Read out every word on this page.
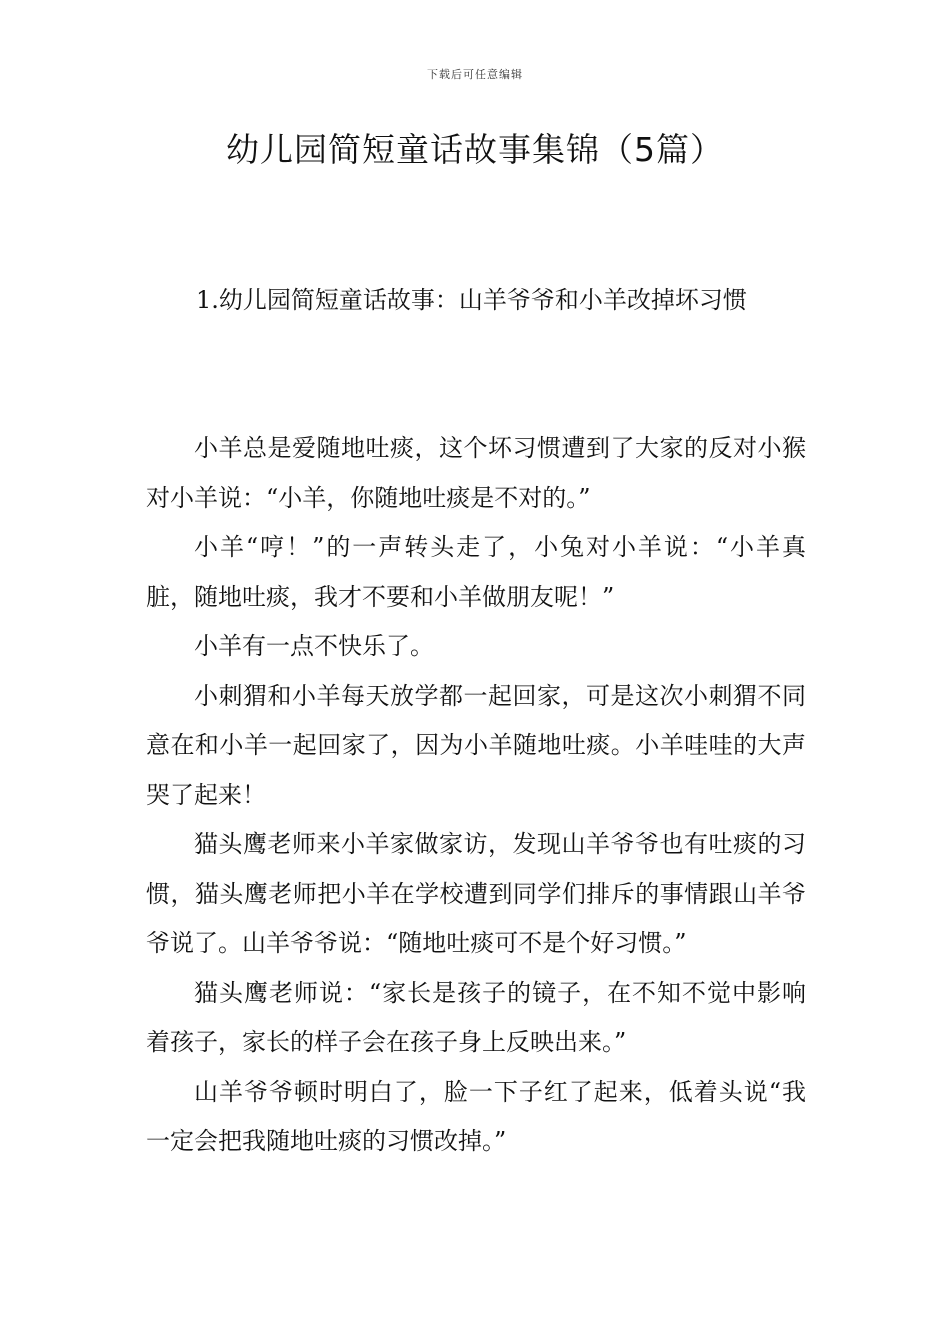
下载后可任意编辑
幼儿园简短童话故事集锦（5篇）
1.幼儿园简短童话故事：山羊爷爷和小羊改掉坏习惯

小羊总是爱随地吐痰，这个坏习惯遭到了大家的反对小猴对小羊说：“小羊，你随地吐痰是不对的。”

小羊“哼！”的一声转头走了，小兔对小羊说：“小羊真脏，随地吐痰，我才不要和小羊做朋友呢！”

小羊有一点不快乐了。

小刺猬和小羊每天放学都一起回家，可是这次小刺猬不同意在和小羊一起回家了，因为小羊随地吐痰。小羊哇哇的大声哭了起来！

猫头鹰老师来小羊家做家访，发现山羊爷爷也有吐痰的习惯，猫头鹰老师把小羊在学校遭到同学们排斥的事情跟山羊爷爷说了。山羊爷爷说：“随地吐痰可不是个好习惯。”

猫头鹰老师说：“家长是孩子的镜子，在不知不觉中影响着孩子，家长的样子会在孩子身上反映出来。”

山羊爷爷顿时明白了，脸一下子红了起来，低着头说“我一定会把我随地吐痰的习惯改掉。”
